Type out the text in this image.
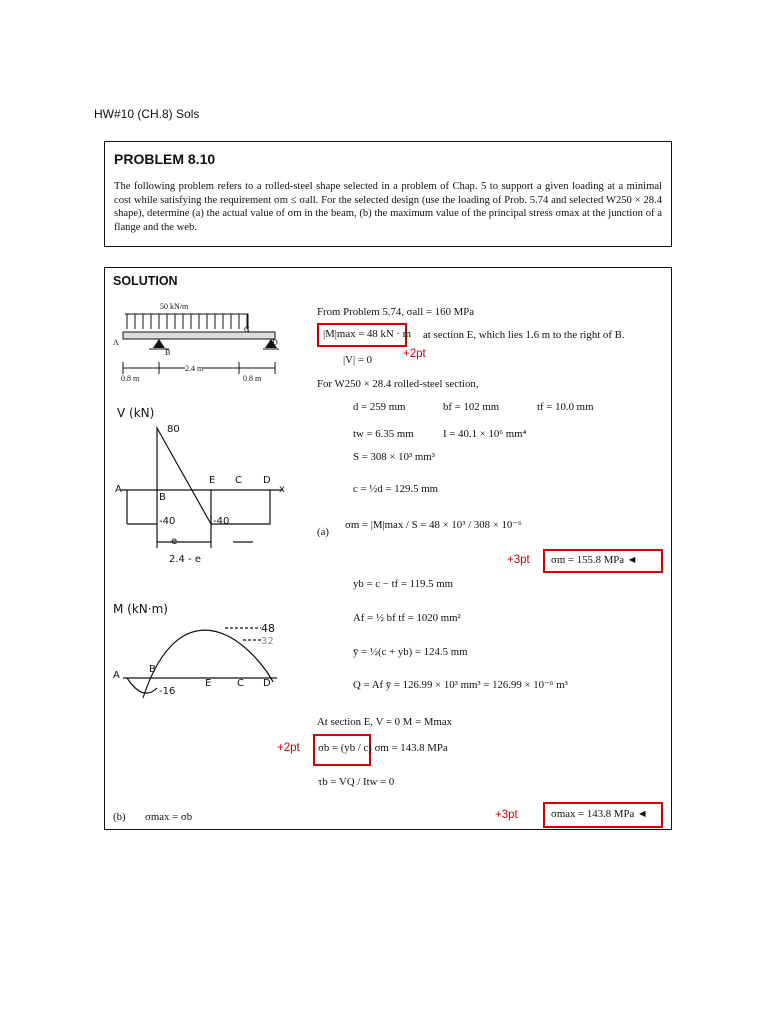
HW#10 (CH.8) Sols
PROBLEM 8.10
The following problem refers to a rolled-steel shape selected in a problem of Chap. 5 to support a given loading at a minimal cost while satisfying the requirement σm ≤ σall. For the selected design (use the loading of Prob. 5.74 and selected W250 × 28.4 shape), determine (a) the actual value of σm in the beam, (b) the maximum value of the principal stress σmax at the junction of a flange and the web.
SOLUTION
50 kN/m
A
B
C
D
0.8 m
2.4 m
0.8 m
V (kN)
80
-40	-40
A
B
E C D
x
e
2.4 - e
M (kN·m)
48
32
-16
A
B
E	C D
From Problem 5.74, σall = 160 MPa
|M|max = 48 kN · m at section E, which lies 1.6 m to the right of B.
+2pt
|V| = 0
For W250 × 28.4 rolled-steel section,
d = 259 mm	bf = 102 mm	tf = 10.0 mm
tw = 6.35 mm	I = 40.1 × 10⁶ mm⁴
S = 308 × 10³ mm³
c = ½d = 129.5 mm
(a)
σm = |M|max / S = 48 × 10³ / 308 × 10⁻⁶
+3pt σm = 155.8 MPa ◄
yb = c − tf = 119.5 mm
Af = ½ bf tf = 1020 mm²
ȳ = ½(c + yb) = 124.5 mm
Q = Af ȳ = 126.99 × 10³ mm³ = 126.99 × 10⁻⁶ m³
At section E, V = 0 M = Mmax
+2pt σb = (yb / c) σm = 143.8 MPa
τb = VQ / Itw = 0
(b) σmax = σb	+3pt	σmax = 143.8 MPa ◄
